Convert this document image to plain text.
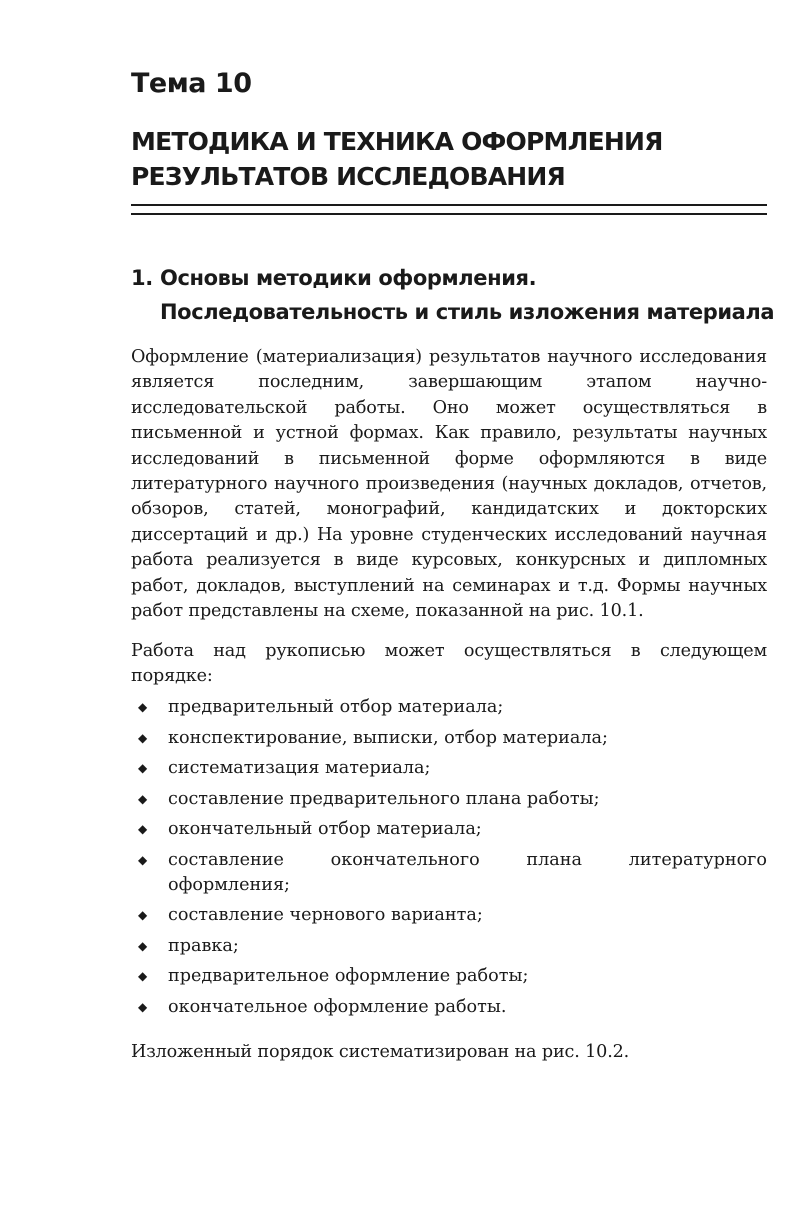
Тема 10
МЕТОДИКА И ТЕХНИКА ОФОРМЛЕНИЯ
РЕЗУЛЬТАТОВ ИССЛЕДОВАНИЯ
1. Основы методики оформления.
Последовательность и стиль изложения материала

Оформление (материализация) результатов научного исследования является последним, завершающим этапом научно-исследовательской работы. Оно может осуществляться в письменной и устной формах. Как правило, результаты научных исследований в письменной форме оформляются в виде литературного научного произведения (научных докладов, отчетов, обзоров, статей, монографий, кандидатских и докторских диссертаций и др.) На уровне студенческих исследований научная работа реализуется в виде курсовых, конкурсных и дипломных работ, докладов, выступлений на семинарах и т.д. Формы научных работ представлены на схеме, показанной на рис. 10.1.

Работа над рукописью может осуществляться в следующем порядке:

◆ предварительный отбор материала;
◆ конспектирование, выписки, отбор материала;
◆ систематизация материала;
◆ составление предварительного плана работы;
◆ окончательный отбор материала;
◆ составление окончательного плана литературного оформления;
◆ составление чернового варианта;
◆ правка;
◆ предварительное оформление работы;
◆ окончательное оформление работы.

Изложенный порядок систематизирован на рис. 10.2.
